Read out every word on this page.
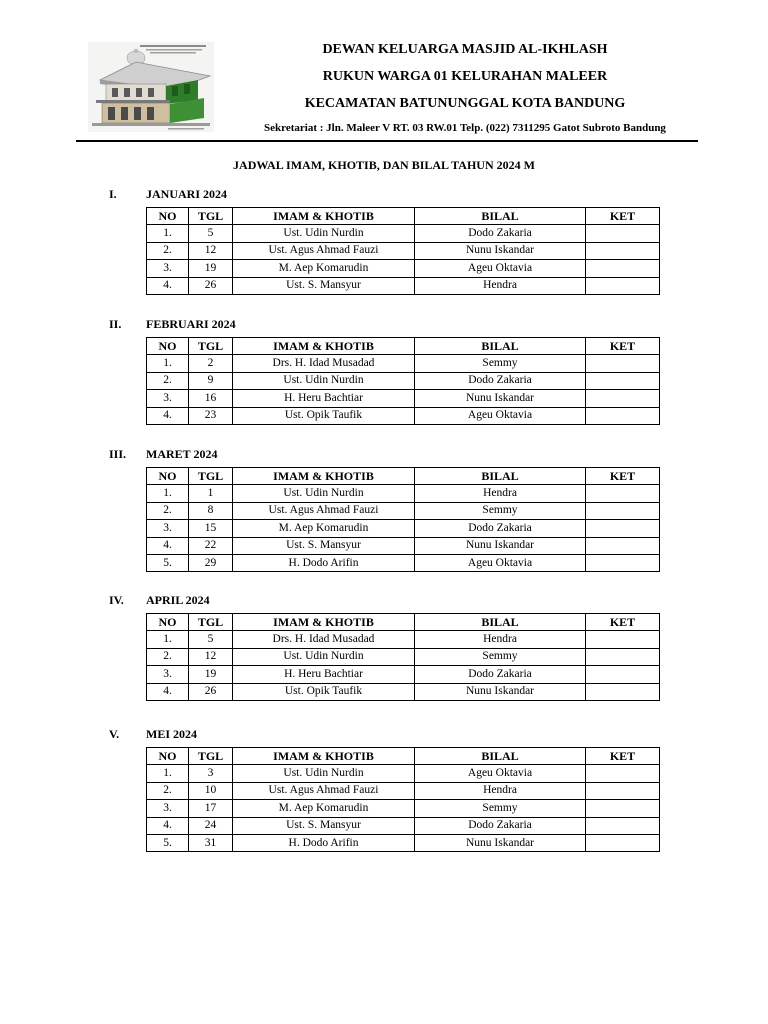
DEWAN KELUARGA MASJID AL-IKHLASH
RUKUN WARGA 01 KELURAHAN MALEER
KECAMATAN BATUNUNGGAL KOTA BANDUNG
Sekretariat : Jln. Maleer V RT. 03 RW.01 Telp. (022) 7311295 Gatot Subroto Bandung
JADWAL IMAM, KHOTIB, DAN BILAL TAHUN 2024 M
I. JANUARI 2024
NO	TGL	IMAM & KHOTIB	BILAL	KET
1.	5	Ust. Udin Nurdin	Dodo Zakaria	
2.	12	Ust. Agus Ahmad Fauzi	Nunu Iskandar	
3.	19	M. Aep Komarudin	Ageu Oktavia	
4.	26	Ust. S. Mansyur	Hendra	
II. FEBRUARI 2024
NO	TGL	IMAM & KHOTIB	BILAL	KET
1.	2	Drs. H. Idad Musadad	Semmy	
2.	9	Ust. Udin Nurdin	Dodo Zakaria	
3.	16	H. Heru Bachtiar	Nunu Iskandar	
4.	23	Ust. Opik Taufik	Ageu Oktavia	
III. MARET 2024
NO	TGL	IMAM & KHOTIB	BILAL	KET
1.	1	Ust. Udin Nurdin	Hendra	
2.	8	Ust. Agus Ahmad Fauzi	Semmy	
3.	15	M. Aep Komarudin	Dodo Zakaria	
4.	22	Ust. S. Mansyur	Nunu Iskandar	
5.	29	H. Dodo Arifin	Ageu Oktavia	
IV. APRIL 2024
NO	TGL	IMAM & KHOTIB	BILAL	KET
1.	5	Drs. H. Idad Musadad	Hendra	
2.	12	Ust. Udin Nurdin	Semmy	
3.	19	H. Heru Bachtiar	Dodo Zakaria	
4.	26	Ust. Opik Taufik	Nunu Iskandar	
V. MEI 2024
NO	TGL	IMAM & KHOTIB	BILAL	KET
1.	3	Ust. Udin Nurdin	Ageu Oktavia	
2.	10	Ust. Agus Ahmad Fauzi	Hendra	
3.	17	M. Aep Komarudin	Semmy	
4.	24	Ust. S. Mansyur	Dodo Zakaria	
5.	31	H. Dodo Arifin	Nunu Iskandar	
